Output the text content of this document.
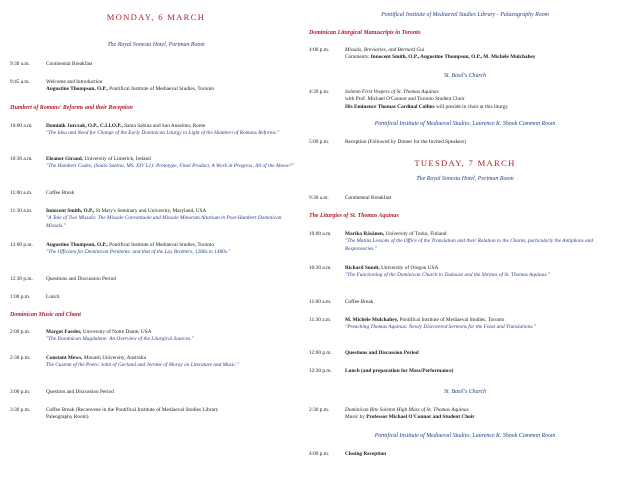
MONDAY, 6 MARCH
The Royal Sonesta Hotel, Portman Room
9:30 a.m.	Continental Breakfast
9:45 a.m.	Welcome and Introduction
Augustine Thompson, O.P., Pontifical Institute of Mediaeval Studies, Toronto
Humbert of Romans' Reforms and their Reception
10:00 a.m.	Dominik Jurczak, O.P., C.I.I.O.P., Santa Sabina and San Anselmo, Rome
"The Idea and Need for Change of the Early Dominican Liturgy in Light of the Humbert of Romans Reforms."
10:30 a.m.	Eleanor Giraud, University of Limerick, Ireland
"The Humbert Codex, (Santa Sabina, MS. XIV L1): Prototype, Final Product, A Work in Progress, All of the Above?"
11:00 a.m.	Coffee Break
11:30 a.m.	Innocent Smith, O.P., St Mary's Seminary and University, Maryland, USA
"A Tale of Two Missals: The Missale Conventuale and Missale Minorum Altarium in Post-Humbert Dominican Missals."
12:00 p.m.	Augustine Thompson, O.P., Pontifical Institute of Mediaeval Studies, Toronto
"The Officium for Dominican Penitents: and that of the Lay Brothers, 1280s to 1480s."
12:30 p.m.	Questions and Discussion Period
1:00 p.m.	Lunch
Dominican Music and Chant
2:00 p.m.	Margot Fassler, University of Notre Dame, USA
"The Dominican Magdalene: An Overview of the Liturgical Sources."
2:30 p.m.	Constant Mews, Monash University, Australia
The Custom of the Poets: John of Garland and Jerome of Moray on Literature and Music."
3:00 p.m.	Question and Discussion Period
3:30 p.m.	Coffee Break (Reconvene in the Pontifical Institute of Mediaeval Studies Library
Paleography Room)
Pontifical Institute of Mediaeval Studies Library - Palaeography Room
Dominican Liturgical Manuscripts in Toronto
4:00 p.m.	Missals, Breviaries, and Bernard Gui
Comments: Innocent Smith, O.P., Augustine Thompson, O.P., M. Michèle Mulchahey
St. Basil's Church
4:30 p.m.	Solemn First Vespers of St. Thomas Aquinas
with Prof. Michael O'Connor and Toronto Student Choir
His Eminence Thomas Cardinal Collins will preside in choir at this liturgy
Pontifical Institute of Mediaeval Studies, Laurence K. Shook Common Room
5:00 p.m.	Reception (Followed by Dinner for the Invited Speakers)
TUESDAY, 7 MARCH
The Royal Sonesta Hotel, Portman Room
9:30 a.m.	Continental Breakfast
The Liturgies of St. Thomas Aquinas
10:00 a.m.	Marika Räsänen, University of Turku, Finland
"The Matins Lessons of the Office of the Translation and their Relation to the Chants, particularly the Antiphons and Responsories."
10:30 a.m.	Richard Sundt, University of Oregon USA
"The Functioning of the Dominican Church in Toulouse and the Shrines of St. Thomas Aquinas."
11:00 a.m.	Coffee Break
11:30 a.m.	M. Michèle Mulchahey, Pontifical Institute of Mediaeval Studies, Toronto
"Preaching Thomas Aquinas: Newly Discovered Sermons for the Feast and Translations."
12:00 p.m.	Questions and Discussion Period
12:30 p.m.	Lunch (and preparation for Mass/Performance)
St. Basil's Church
2:30 p.m.	Dominican Rite Solemn High Mass of St. Thomas Aquinas
Music by Professor Michael O'Connor and Student Choir
Pontifical Institute of Mediaeval Studies, Laurence K. Shook Common Room
4:00 p.m.	Closing Reception
